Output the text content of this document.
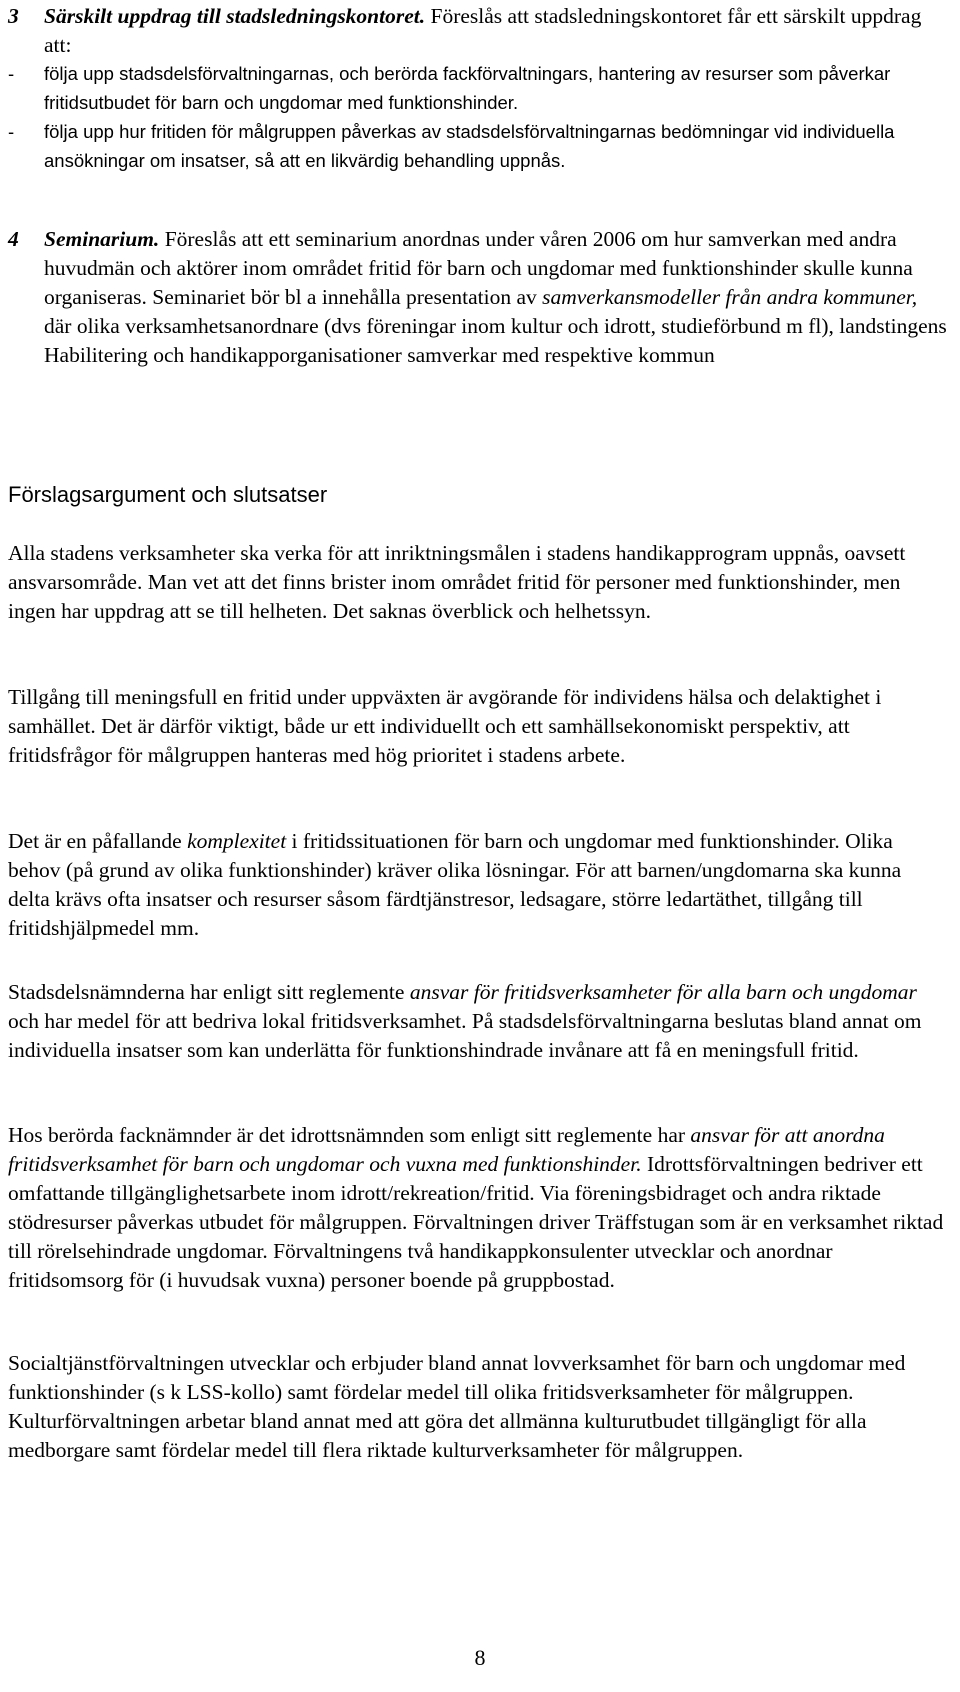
3 Särskilt uppdrag till stadsledningskontoret. Föreslås att stadsledningskontoret får ett särskilt uppdrag att:
- följa upp stadsdelsförvaltningarnas, och berörda fackförvaltningars, hantering av resurser som påverkar fritidsutbudet för barn och ungdomar med funktionshinder.
- följa upp hur fritiden för målgruppen påverkas av stadsdelsförvaltningarnas bedömningar vid individuella ansökningar om insatser, så att en likvärdig behandling uppnås.
4 Seminarium. Föreslås att ett seminarium anordnas under våren 2006 om hur samverkan med andra huvudmän och aktörer inom området fritid för barn och ungdomar med funktionshinder skulle kunna organiseras. Seminariet bör bl a innehålla presentation av samverkansmodeller från andra kommuner, där olika verksamhetsanordnare (dvs föreningar inom kultur och idrott, studieförbund m fl), landstingens Habilitering och handikapporganisationer samverkar med respektive kommun
Förslagsargument och slutsatser

Alla stadens verksamheter ska verka för att inriktningsmålen i stadens handikapprogram uppnås, oavsett ansvarsområde. Man vet att det finns brister inom området fritid för personer med funktionshinder, men ingen har uppdrag att se till helheten. Det saknas överblick och helhetssyn.

Tillgång till meningsfull en fritid under uppväxten är avgörande för individens hälsa och delaktighet i samhället. Det är därför viktigt, både ur ett individuellt och ett samhällsekonomiskt perspektiv, att fritidsfrågor för målgruppen hanteras med hög prioritet i stadens arbete.

Det är en påfallande komplexitet i fritidssituationen för barn och ungdomar med funktionshinder. Olika behov (på grund av olika funktionshinder) kräver olika lösningar. För att barnen/ungdomarna ska kunna delta krävs ofta insatser och resurser såsom färdtjänstresor, ledsagare, större ledartäthet, tillgång till fritidshjälpmedel mm.

Stadsdelsnämnderna har enligt sitt reglemente ansvar för fritidsverksamheter för alla barn och ungdomar och har medel för att bedriva lokal fritidsverksamhet. På stadsdelsförvaltningarna beslutas bland annat om individuella insatser som kan underlätta för funktionshindrade invånare att få en meningsfull fritid.

Hos berörda facknämnder är det idrottsnämnden som enligt sitt reglemente har ansvar för att anordna fritidsverksamhet för barn och ungdomar och vuxna med funktionshinder. Idrottsförvaltningen bedriver ett omfattande tillgänglighetsarbete inom idrott/rekreation/fritid. Via föreningsbidraget och andra riktade stödresurser påverkas utbudet för målgruppen. Förvaltningen driver Träffstugan som är en verksamhet riktad till rörelsehindrade ungdomar. Förvaltningens två handikappkonsulenter utvecklar och anordnar fritidsomsorg för (i huvudsak vuxna) personer boende på gruppbostad.

Socialtjänstförvaltningen utvecklar och erbjuder bland annat lovverksamhet för barn och ungdomar med funktionshinder (s k LSS-kollo) samt fördelar medel till olika fritidsverksamheter för målgruppen. Kulturförvaltningen arbetar bland annat med att göra det allmänna kulturutbudet tillgängligt för alla medborgare samt fördelar medel till flera riktade kulturverksamheter för målgruppen.

8
